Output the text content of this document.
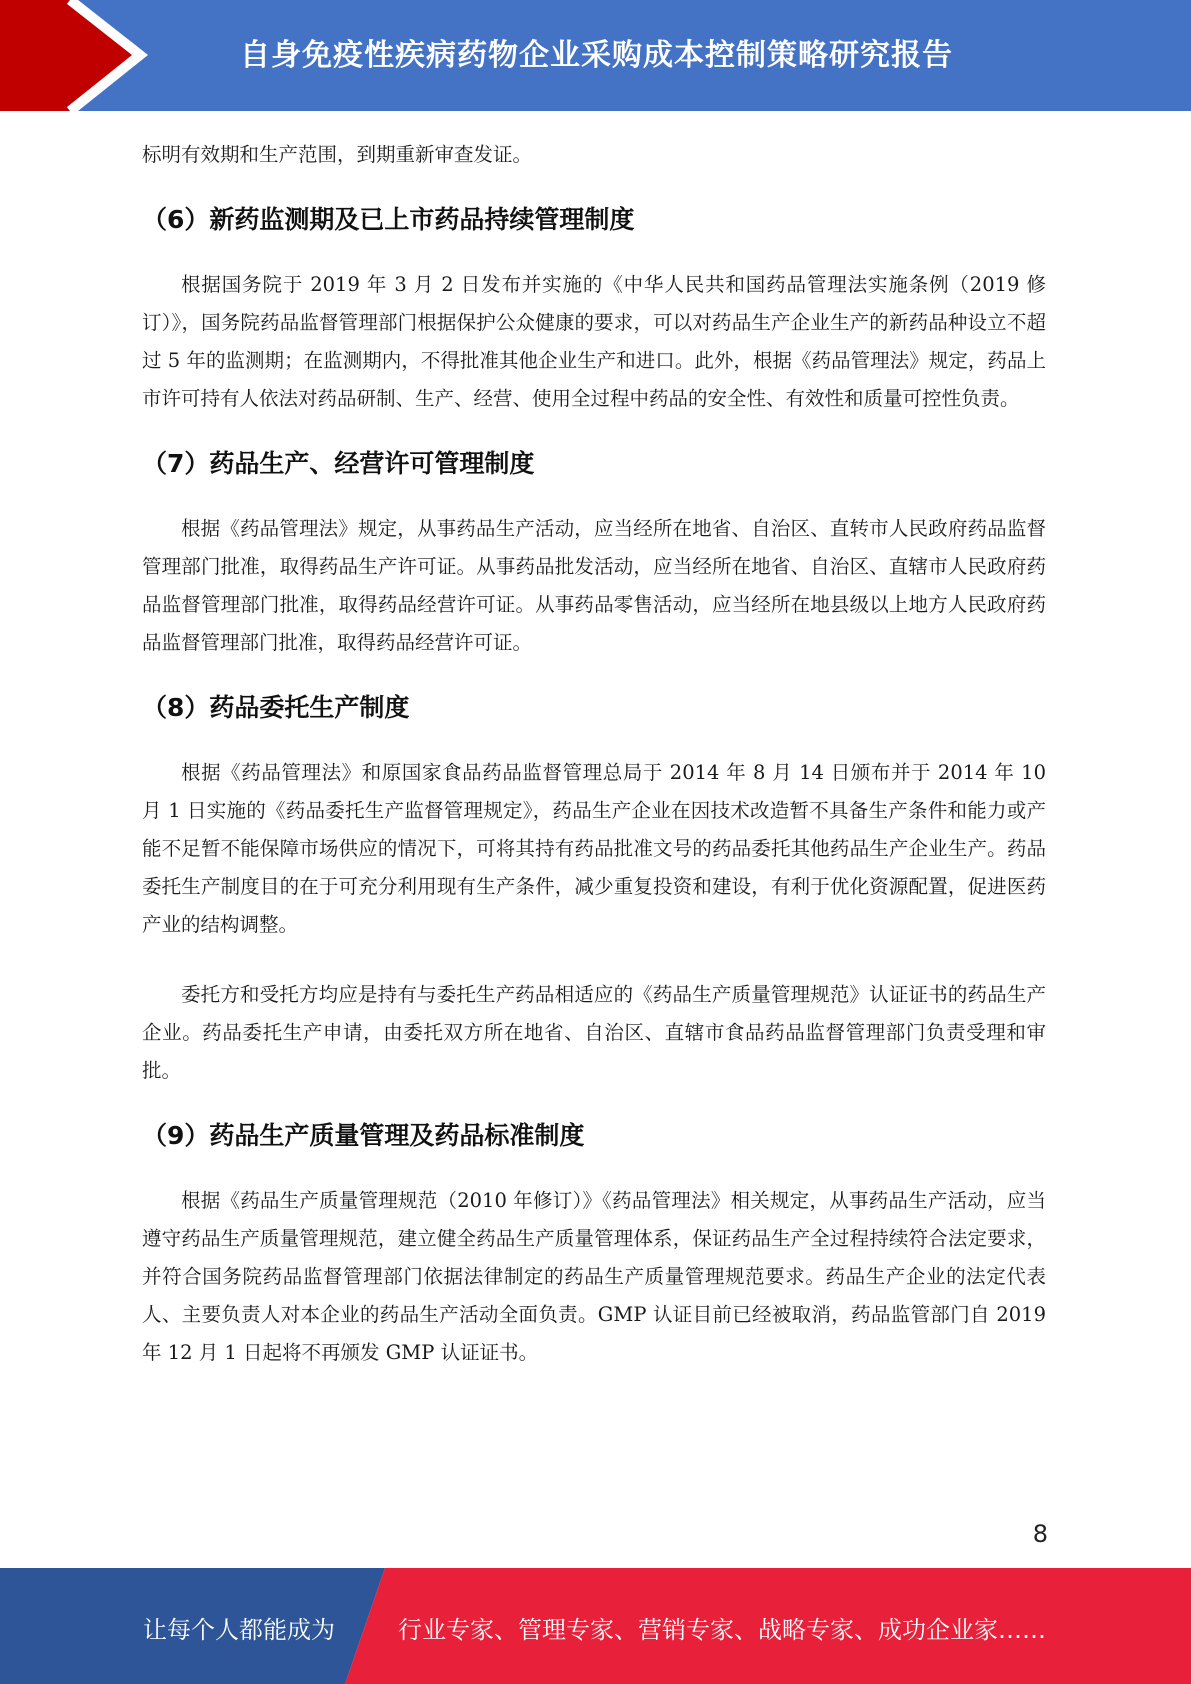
自身免疫性疾病药物企业采购成本控制策略研究报告

标明有效期和生产范围，到期重新审查发证。

（6）新药监测期及已上市药品持续管理制度

根据国务院于 2019 年 3 月 2 日发布并实施的《中华人民共和国药品管理法实施条例（2019 修订）》，国务院药品监督管理部门根据保护公众健康的要求，可以对药品生产企业生产的新药品种设立不超过 5 年的监测期；在监测期内，不得批准其他企业生产和进口。此外，根据《药品管理法》规定，药品上市许可持有人依法对药品研制、生产、经营、使用全过程中药品的安全性、有效性和质量可控性负责。

（7）药品生产、经营许可管理制度

根据《药品管理法》规定，从事药品生产活动，应当经所在地省、自治区、直转市人民政府药品监督管理部门批准，取得药品生产许可证。从事药品批发活动，应当经所在地省、自治区、直辖市人民政府药品监督管理部门批准，取得药品经营许可证。从事药品零售活动，应当经所在地县级以上地方人民政府药品监督管理部门批准，取得药品经营许可证。

（8）药品委托生产制度

根据《药品管理法》和原国家食品药品监督管理总局于 2014 年 8 月 14 日颁布并于 2014 年 10 月 1 日实施的《药品委托生产监督管理规定》，药品生产企业在因技术改造暂不具备生产条件和能力或产能不足暂不能保障市场供应的情况下，可将其持有药品批准文号的药品委托其他药品生产企业生产。药品委托生产制度目的在于可充分利用现有生产条件，减少重复投资和建设，有利于优化资源配置，促进医药产业的结构调整。

委托方和受托方均应是持有与委托生产药品相适应的《药品生产质量管理规范》认证证书的药品生产企业。药品委托生产申请，由委托双方所在地省、自治区、直辖市食品药品监督管理部门负责受理和审批。

（9）药品生产质量管理及药品标准制度

根据《药品生产质量管理规范（2010 年修订）》《药品管理法》相关规定，从事药品生产活动，应当遵守药品生产质量管理规范，建立健全药品生产质量管理体系，保证药品生产全过程持续符合法定要求，并符合国务院药品监督管理部门依据法律制定的药品生产质量管理规范要求。药品生产企业的法定代表人、主要负责人对本企业的药品生产活动全面负责。GMP 认证目前已经被取消，药品监管部门自 2019 年 12 月 1 日起将不再颁发 GMP 认证证书。

8
让每个人都能成为	行业专家、管理专家、营销专家、战略专家、成功企业家……
